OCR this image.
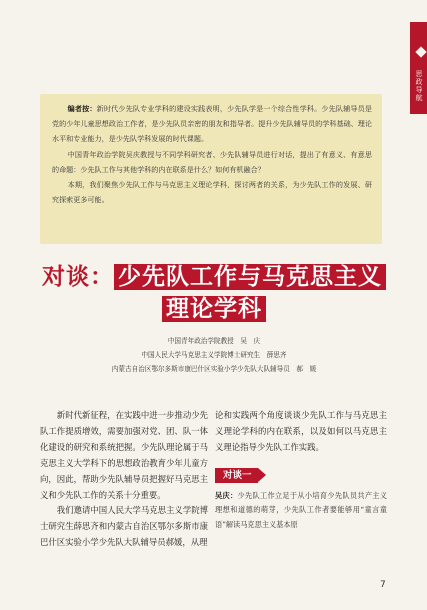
思政导航

编者按：新时代少先队专业学科的建设实践表明，少先队学是一个综合性学科。少先队辅导员是党的少年儿童思想政治工作者，是少先队员亲密的朋友和指导者。提升少先队辅导员的学科基础、理论水平和专业能力，是少先队学科发展的时代课题。

中国青年政治学院吴庆教授与不同学科研究者、少先队辅导员进行对话，提出了有意义、有意思的命题：少先队工作与其他学科的内在联系是什么？如何有机融合？

本期，我们聚焦少先队工作与马克思主义理论学科，探讨两者的关系，为少先队工作的发展、研究探索更多可能。

对谈： 少先队工作与马克思主义
理论学科
中国青年政治学院教授　吴　庆
中国人民大学马克思主义学院博士研究生　薛思齐
内蒙古自治区鄂尔多斯市康巴什区实验小学少先队大队辅导员　郝　媛

新时代新征程，在实践中进一步推动少先队工作提质增效，需要加强对党、团、队一体化建设的研究和系统把握。少先队理论属于马克思主义大学科下的思想政治教育少年儿童方向，因此，帮助少先队辅导员把握好马克思主义和少先队工作的关系十分重要。

我们邀请中国人民大学马克思主义学院博士研究生薛思齐和内蒙古自治区鄂尔多斯市康巴什区实验小学少先队大队辅导员郝媛，从理

论和实践两个角度谈谈少先队工作与马克思主义理论学科的内在联系，以及如何以马克思主义理论指导少先队工作实践。

对谈一

吴庆：少先队工作立足于从小培育少先队员共产主义理想和道德的萌芽，少先队工作者要能够用“童言童语”解读马克思主义基本原

7
